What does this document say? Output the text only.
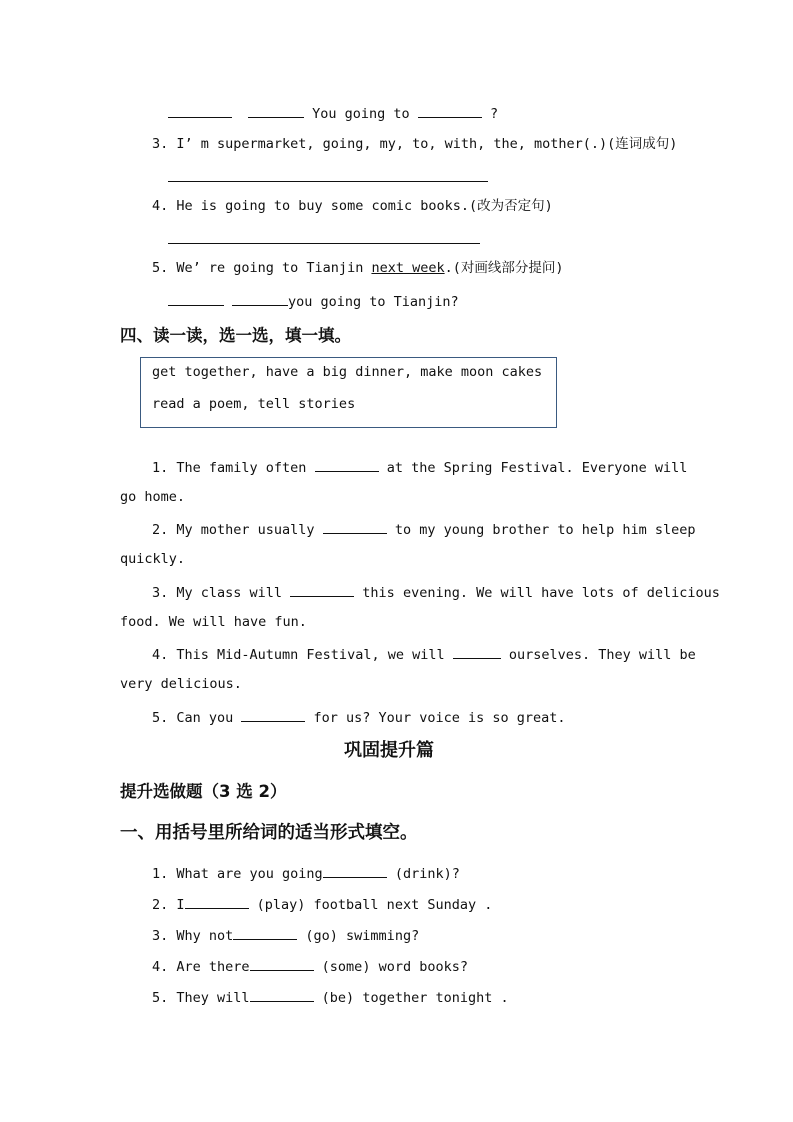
You going to	?
3. I’ m supermarket, going, my, to, with, the, mother(.)(连词成句)
4. He is going to buy some comic books.(改为否定句)
5. We’ re going to Tianjin next week.(对画线部分提问)
you going to Tianjin?
四、读一读，选一选，填一填。
get together, have a big dinner, make moon cakes
read a poem, tell stories
1. The family often	at the Spring Festival. Everyone will
go home.
2. My mother usually	to my young brother to help him sleep
quickly.
3. My class will	this evening. We will have lots of delicious
food. We will have fun.
4. This Mid-Autumn Festival, we will	ourselves. They will be
very delicious.
5. Can you	for us? Your voice is so great.
巩固提升篇
提升选做题（3 选 2）
一、用括号里所给词的适当形式填空。
1. What are you going	(drink)?
2. I	(play) football next Sunday .
3. Why not	(go) swimming?
4. Are there	(some) word books?
5. They will	(be) together tonight .
